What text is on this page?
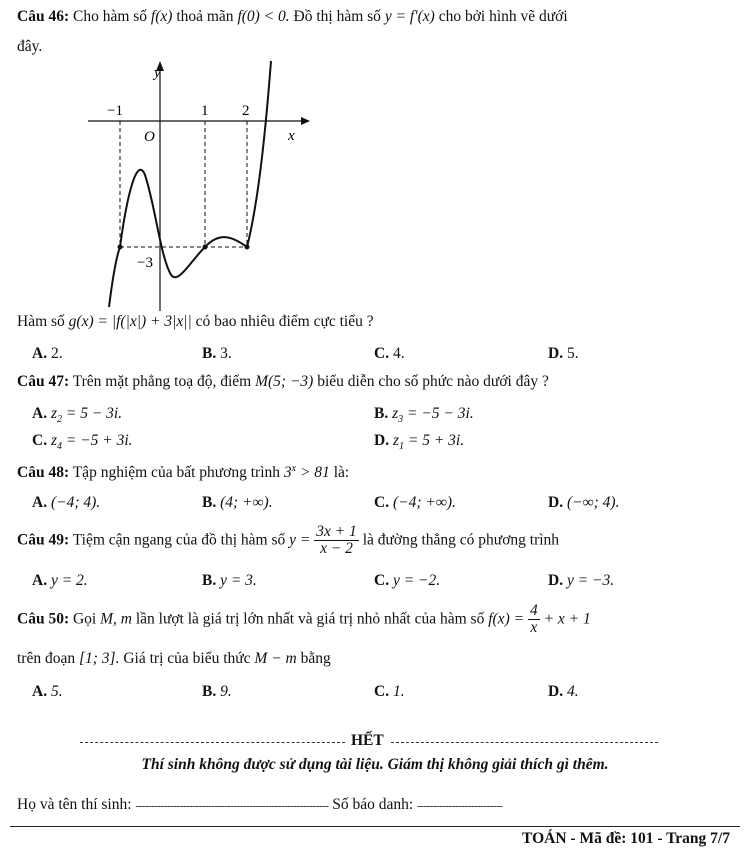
Câu 46: Cho hàm số f(x) thoả mãn f(0) < 0. Đồ thị hàm số y = f′(x) cho bởi hình vẽ dưới
đây.
y
x
O
−1	1 2
−3
Hàm số g(x) = |f(|x|) + 3|x|| có bao nhiêu điểm cực tiểu ?
A. 2.	B. 3.	C. 4.	D. 5.
Câu 47: Trên mặt phẳng toạ độ, điểm M(5; −3) biểu diễn cho số phức nào dưới đây ?
A. $z_2 = 5 - 3i$.	B. $z_3 = -5 - 3i$.
C. $z_4 = -5 + 3i$.	D. $z_1 = 5 + 3i$.
Câu 48: Tập nghiệm của bất phương trình $3^x > 81$ là:
A. (−4; 4).	B. (4; +∞).	C. (−4; +∞).	D. (−∞; 4).
Câu 49: Tiệm cận ngang của đồ thị hàm số $y = \frac{3x + 1}{x - 2}$ là đường thẳng có phương trình
A. y = 2.	B. y = 3.	C. y = −2.	D. y = −3.
Câu 50: Gọi M, m lần lượt là giá trị lớn nhất và giá trị nhỏ nhất của hàm số $f(x) = \frac{4}{x} + x + 1$
trên đoạn [1; 3]. Giá trị của biểu thức M − m bằng
A. 5.	B. 9.	C. 1.	D. 4.
HẾT
Thí sinh không được sử dụng tài liệu. Giám thị không giải thích gì thêm.
Họ và tên thí sinh: ------------------------------------------------------------- Số báo danh: ---------------------------
TOÁN - Mã đề: 101 - Trang 7/7
